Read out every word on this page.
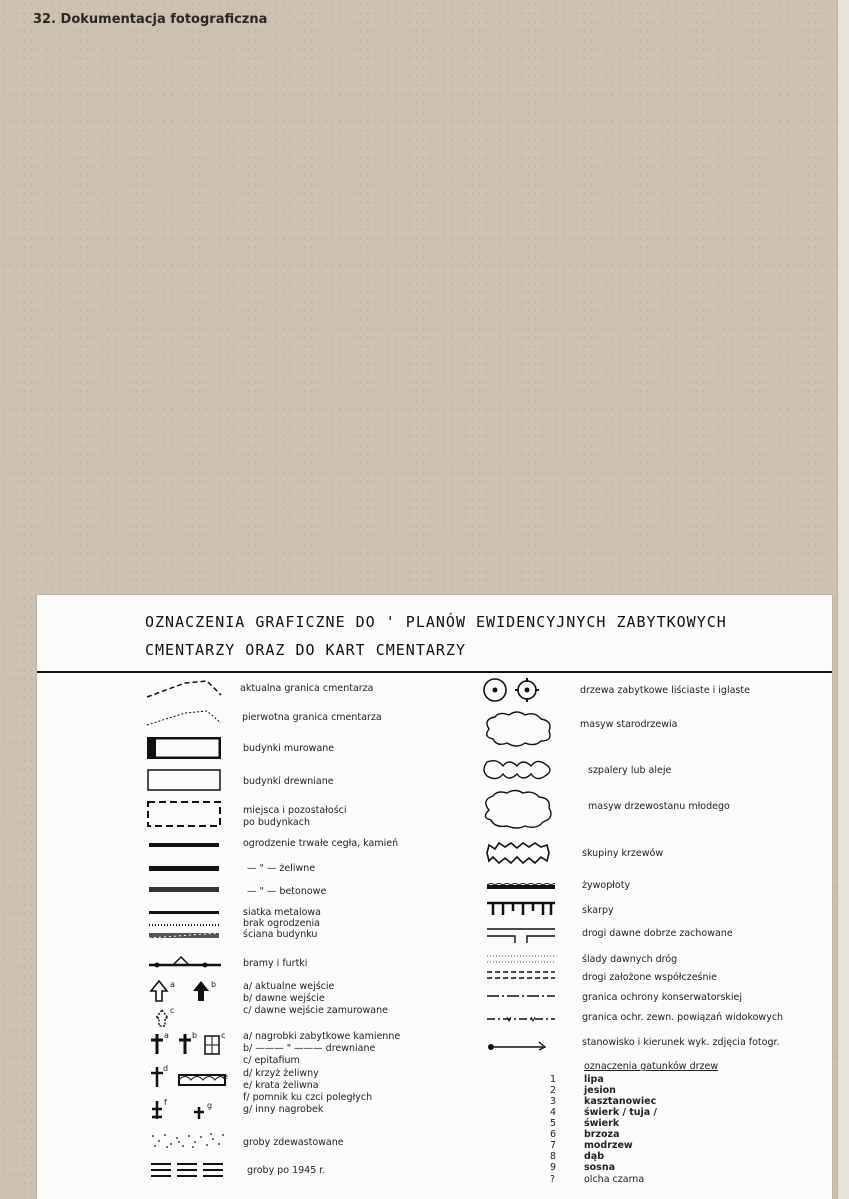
32. Dokumentacja fotograficzna
OZNACZENIA GRAFICZNE DO ' PLANÓW EWIDENCYJNYCH ZABYTKOWYCH
CMENTARZY ORAZ DO KART CMENTARZY
aktualna granica cmentarza
pierwotna granica cmentarza
budynki murowane
budynki drewniane
miejsca i pozostałości
po budynkach
ogrodzenie trwałe cegła, kamień
— " — żeliwne
— " — betonowe
siatka metalowa
brak ogrodzenia
ściana budynku
bramy i furtki
a	b
c
a/ aktualne wejście
b/ dawne wejście
c/ dawne wejście zamurowane
a	b	c a/ nagrobki zabytkowe kamienne
b/ ——— " ——— drewniane
c/ epitafium
d
e d/ krzyż żeliwny
e/ krata żeliwna
f/ pomnik ku czci poległych
f	g	g/ inny nagrobek
groby zdewastowane
groby po 1945 r.
drzewa zabytkowe liściaste i iglaste
masyw starodrzewia
szpalery lub aleje
masyw drzewostanu młodego
skupiny krzewów
żywopłoty
skarpy
drogi dawne dobrze zachowane
ślady dawnych dróg
drogi założone współcześnie
granica ochrony konserwatorskiej
granica ochr. zewn. powiązań widokowych
stanowisko i kierunek wyk. zdjęcia fotogr.
oznaczenia gatunków drzew
1	lipa
2	jesion
3	kasztanowiec
4	świerk / tuja /
5	świerk
6	brzoza
7	modrzew
8	dąb
9	sosna
?	olcha czarna
